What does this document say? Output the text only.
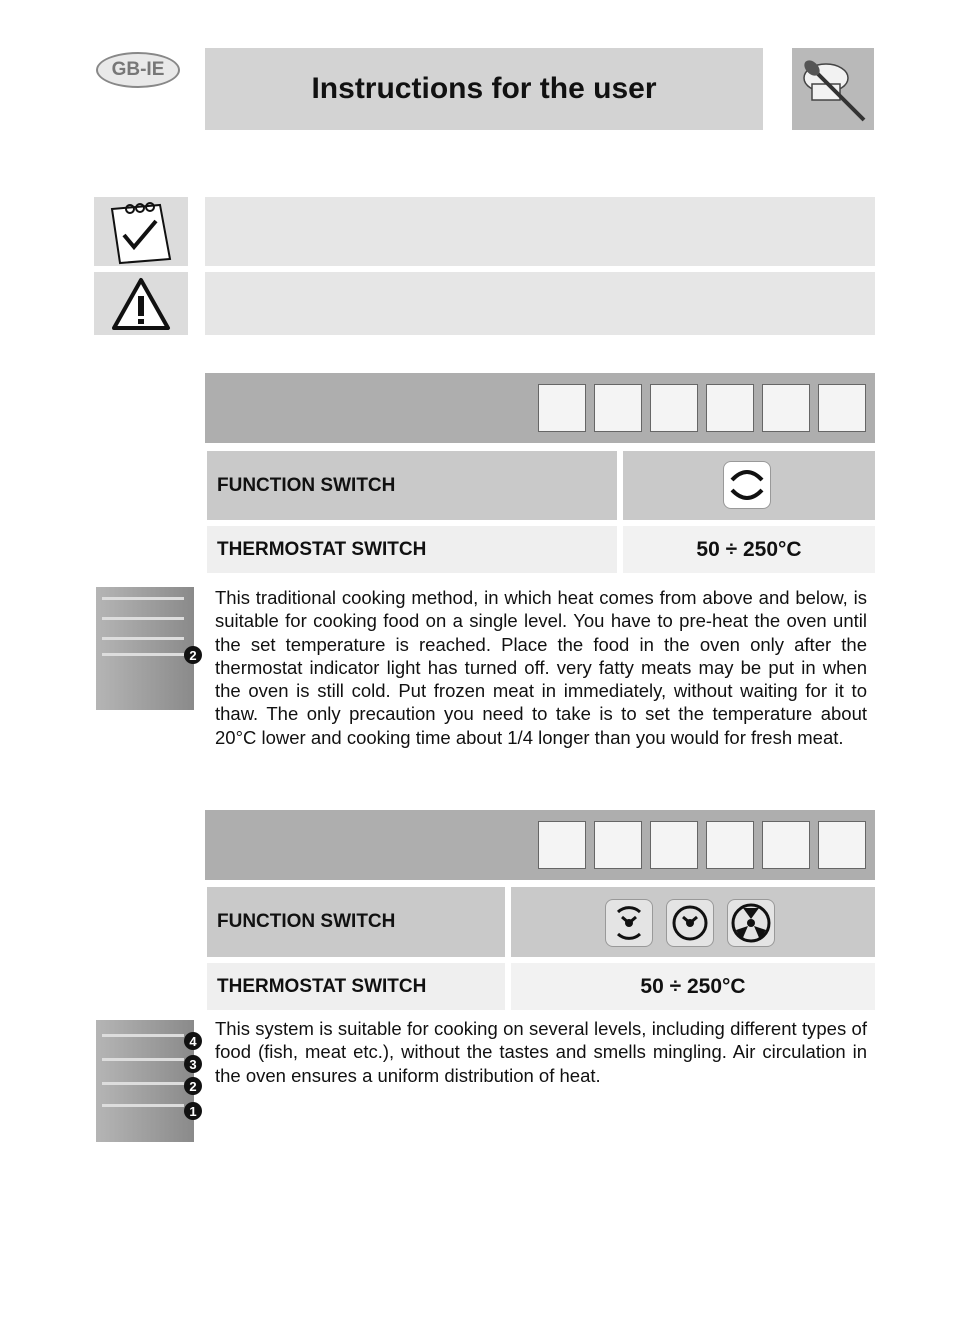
GB-IE
Instructions for the user
FUNCTION SWITCH
THERMOSTAT SWITCH	50 ÷ 250°C
2
This traditional cooking method, in which heat comes from above and below, is suitable for cooking food on a single level. You have to pre-heat the oven until the set temperature is reached. Place the food in the oven only after the thermostat indicator light has turned off. very fatty meats may be put in when the oven is still cold. Put frozen meat in immediately, without waiting for it to thaw. The only precaution you need to take is to set the temperature about 20°C lower and cooking time about 1/4 longer than you would for fresh meat.
FUNCTION SWITCH
THERMOSTAT SWITCH	50 ÷ 250°C
4
3
2
1
This system is suitable for cooking on several levels, including different types of food (fish, meat etc.), without the tastes and smells mingling. Air circulation in the oven ensures a uniform distribution of heat.
